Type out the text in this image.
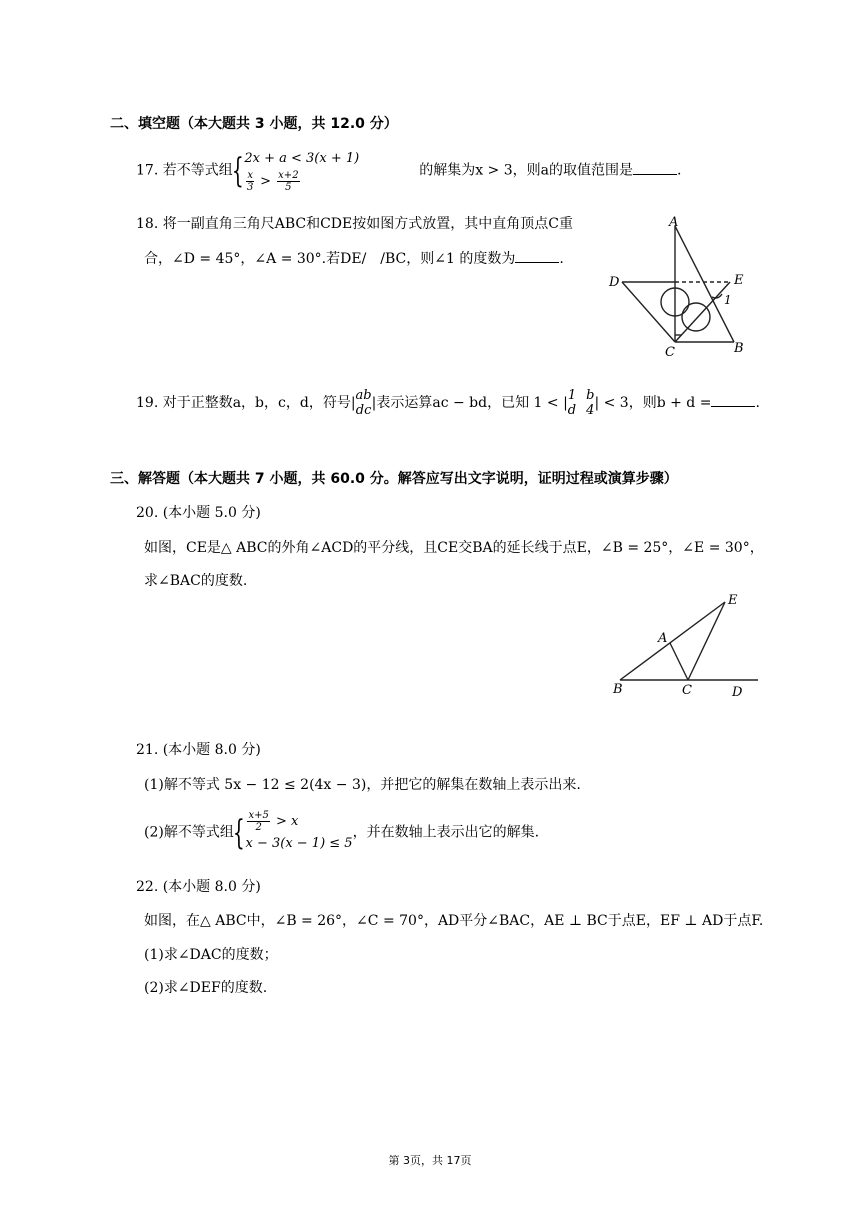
二、填空题（本大题共 3 小题，共 12.0 分）
17. 若不等式组
{ 2x + a < 3(x + 1)
$\frac{x}{3} > \frac{x+2}{5}$	的解集为x > 3，则a的取值范围是	.
18. 将一副直角三角尺ABC和CDE按如图方式放置，其中直角顶点C重
合，∠D = 45°，∠A = 30°.若DE/　/BC，则∠1 的度数为	.
A
D	E
1
C	B
19. 对于正整数a，b，c，d，符号| ab
dc |表示运算ac − bd，已知 1 < | 1
d
b
4 | < 3，则b + d =	.
三、解答题（本大题共 7 小题，共 60.0 分。解答应写出文字说明，证明过程或演算步骤）
20. (本小题 5.0 分)
如图，CE是△ ABC的外角∠ACD的平分线，且CE交BA的延长线于点E，∠B = 25°，∠E = 30°，
求∠BAC的度数.
E
A
B	C	D
21. (本小题 8.0 分)
(1)解不等式 5x − 12 ≤ 2(4x − 3)，并把它的解集在数轴上表示出来.
(2)解不等式组
{ $\frac{x+5}{2} > x$
x − 3(x − 1) ≤ 5
，并在数轴上表示出它的解集.
22. (本小题 8.0 分)
如图，在△ ABC中，∠B = 26°，∠C = 70°，AD平分∠BAC，AE ⊥ BC于点E，EF ⊥ AD于点F.
(1)求∠DAC的度数；
(2)求∠DEF的度数.
第 3页，共 17页
